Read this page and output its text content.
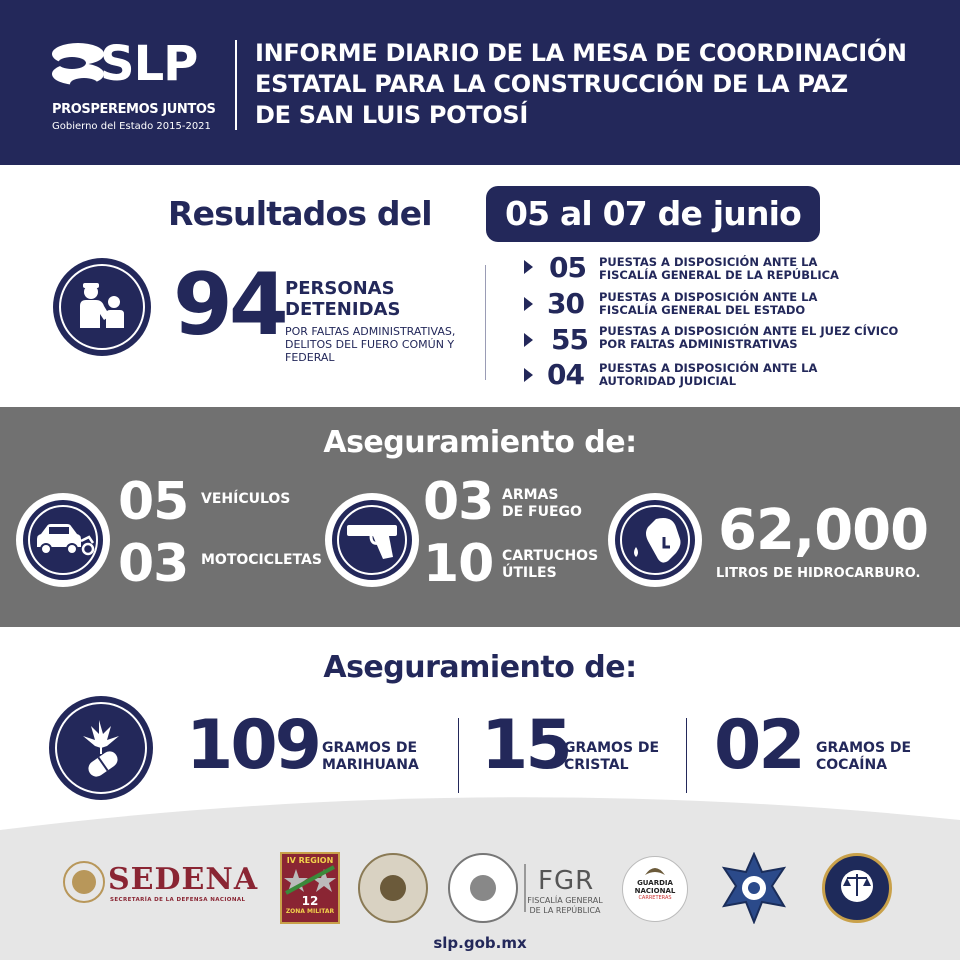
SLP
PROSPEREMOS JUNTOS
Gobierno del Estado 2015-2021
INFORME DIARIO DE LA MESA DE COORDINACIÓN
ESTATAL PARA LA CONSTRUCCIÓN DE LA PAZ
DE SAN LUIS POTOSÍ
Resultados del	05 al 07 de junio
94 PERSONAS
DETENIDAS
POR FALTAS ADMINISTRATIVAS,
DELITOS DEL FUERO COMÚN Y
FEDERAL
05 PUESTAS A DISPOSICIÓN ANTE LA
FISCALÍA GENERAL DE LA REPÚBLICA
30 PUESTAS A DISPOSICIÓN ANTE LA
FISCALÍA GENERAL DEL ESTADO
55 PUESTAS A DISPOSICIÓN ANTE EL JUEZ CÍVICO
POR FALTAS ADMINISTRATIVAS
04 PUESTAS A DISPOSICIÓN ANTE LA
AUTORIDAD JUDICIAL
Aseguramiento de:
05 VEHÍCULOS
03 MOTOCICLETAS
03 ARMAS
DE FUEGO
10 CARTUCHOS
ÚTILES
62,000
LITROS DE HIDROCARBURO.
Aseguramiento de:
109 GRAMOS DE
MARIHUANA 15
GRAMOS DE
CRISTAL	02 GRAMOS DE
COCAÍNA
SEDENA
SECRETARÍA DE LA DEFENSA NACIONAL
IV REGION
12
ZONA MILITAR
FGR
FISCALÍA GENERAL
DE LA REPÚBLICA
GUARDIA
NACIONAL
CARRETERAS
slp.gob.mx
